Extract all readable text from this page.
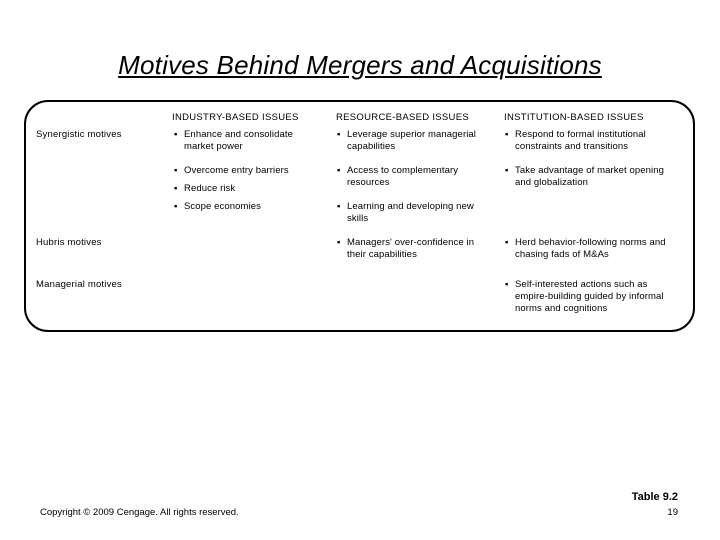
Motives Behind Mergers and Acquisitions
INDUSTRY-BASED ISSUES	RESOURCE-BASED ISSUES	INSTITUTION-BASED ISSUES
Synergistic motives
Hubris motives
Managerial motives
▪ Enhance and consolidate market power
▪ Overcome entry barriers
▪ Reduce risk
▪ Scope economies
▪ Leverage superior managerial capabilities
▪ Access to complementary resources
▪ Learning and developing new skills
▪ Managers' over-confidence in their capabilities
▪ Respond to formal institutional constraints and transitions
▪ Take advantage of market opening and globalization
▪ Herd behavior-following norms and chasing fads of M&As
▪ Self-interested actions such as empire-building guided by informal norms and cognitions
Copyright © 2009 Cengage. All rights reserved.
Table 9.2
19
